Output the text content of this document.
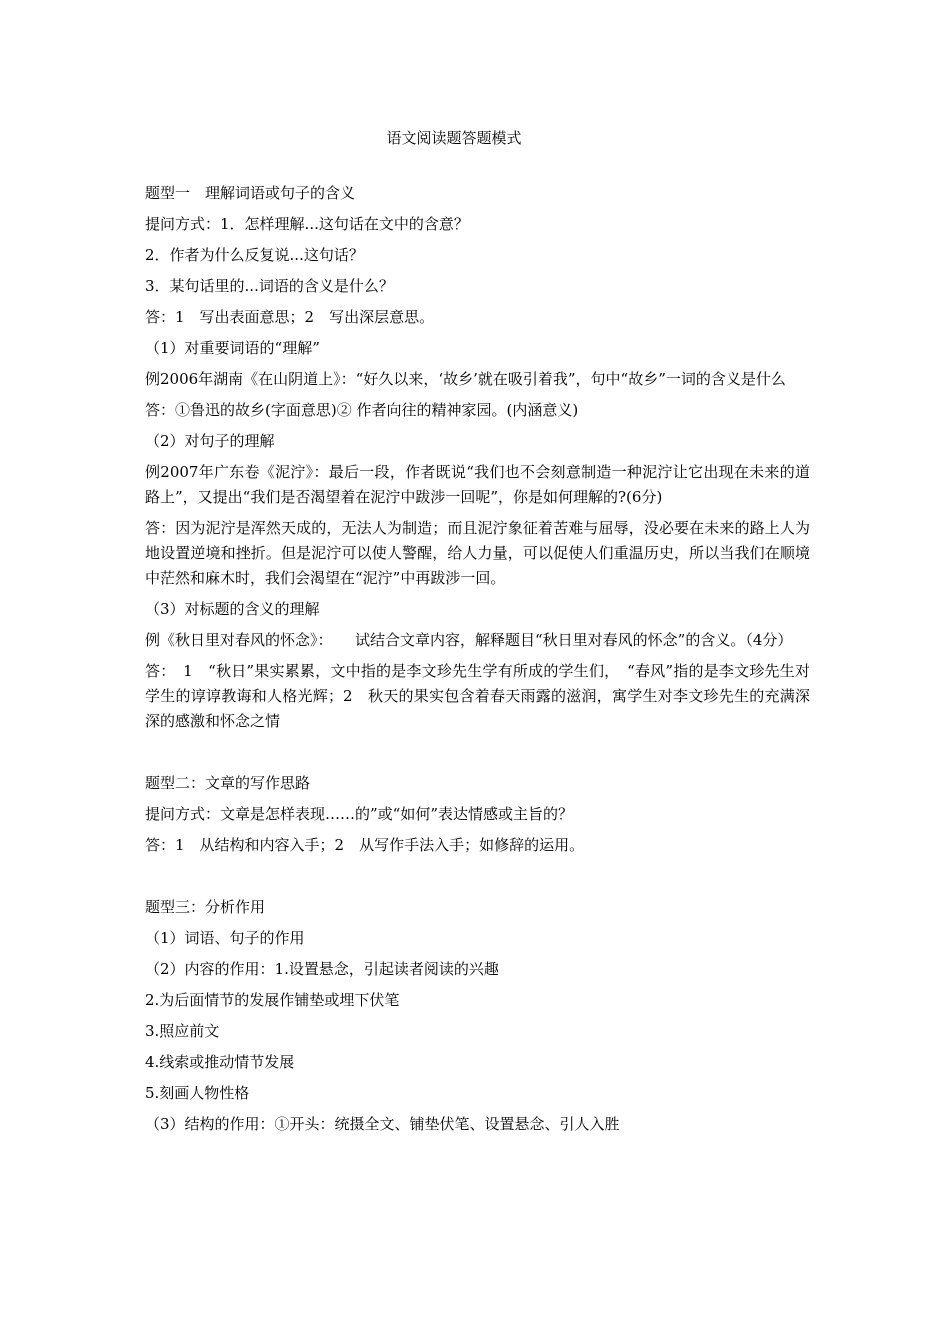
语文阅读题答题模式

题型一　理解词语或句子的含义

提问方式：1．怎样理解...这句话在文中的含意？

2．作者为什么反复说...这句话？

3．某句话里的...词语的含义是什么？

答：1　写出表面意思；2　写出深层意思。

（1）对重要词语的“理解”

例2006年湖南《在山阴道上》：“好久以来，‘故乡’就在吸引着我”，句中“故乡”一词的含义是什么

答：①鲁迅的故乡(字面意思)② 作者向往的精神家园。(内涵意义)

（2）对句子的理解

例2007年广东卷《泥泞》：最后一段，作者既说“我们也不会刻意制造一种泥泞让它出现在未来的道路上”，又提出“我们是否渴望着在泥泞中跋涉一回呢”，你是如何理解的?(6分)

答：因为泥泞是浑然天成的，无法人为制造；而且泥泞象征着苦难与屈辱，没必要在未来的路上人为地设置逆境和挫折。但是泥泞可以使人警醒，给人力量，可以促使人们重温历史，所以当我们在顺境中茫然和麻木时，我们会渴望在“泥泞”中再跋涉一回。

（3）对标题的含义的理解

例《秋日里对春风的怀念》：　　试结合文章内容，解释题目“秋日里对春风的怀念”的含义。（4分）

答：　1　“秋日”果实累累，文中指的是李文珍先生学有所成的学生们，　“春风”指的是李文珍先生对学生的谆谆教诲和人格光辉；2　秋天的果实包含着春天雨露的滋润，寓学生对李文珍先生的充满深深的感激和怀念之情

题型二：文章的写作思路

提问方式：文章是怎样表现……的”或“如何”表达情感或主旨的？

答：1　从结构和内容入手；2　从写作手法入手；如修辞的运用。

题型三：分析作用

（1）词语、句子的作用

（2）内容的作用：1.设置悬念，引起读者阅读的兴趣

2.为后面情节的发展作铺垫或埋下伏笔

3.照应前文

4.线索或推动情节发展

5.刻画人物性格

（3）结构的作用：①开头：统摄全文、铺垫伏笔、设置悬念、引人入胜
